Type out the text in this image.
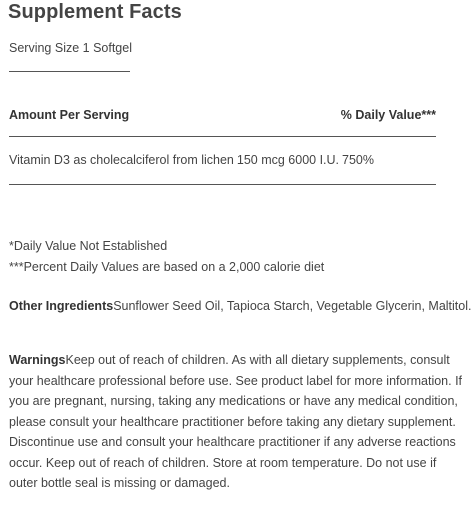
Supplement Facts
Serving Size 1 Softgel
Amount Per Serving	% Daily Value***
Vitamin D3 as cholecalciferol from lichen 150 mcg 6000 I.U. 750%
*Daily Value Not Established
***Percent Daily Values are based on a 2,000 calorie diet
Other IngredientsSunflower Seed Oil, Tapioca Starch, Vegetable Glycerin, Maltitol.
WarningsKeep out of reach of children. As with all dietary supplements, consult your healthcare professional before use. See product label for more information. If you are pregnant, nursing, taking any medications or have any medical condition, please consult your healthcare practitioner before taking any dietary supplement. Discontinue use and consult your healthcare practitioner if any adverse reactions occur. Keep out of reach of children. Store at room temperature. Do not use if outer bottle seal is missing or damaged.
